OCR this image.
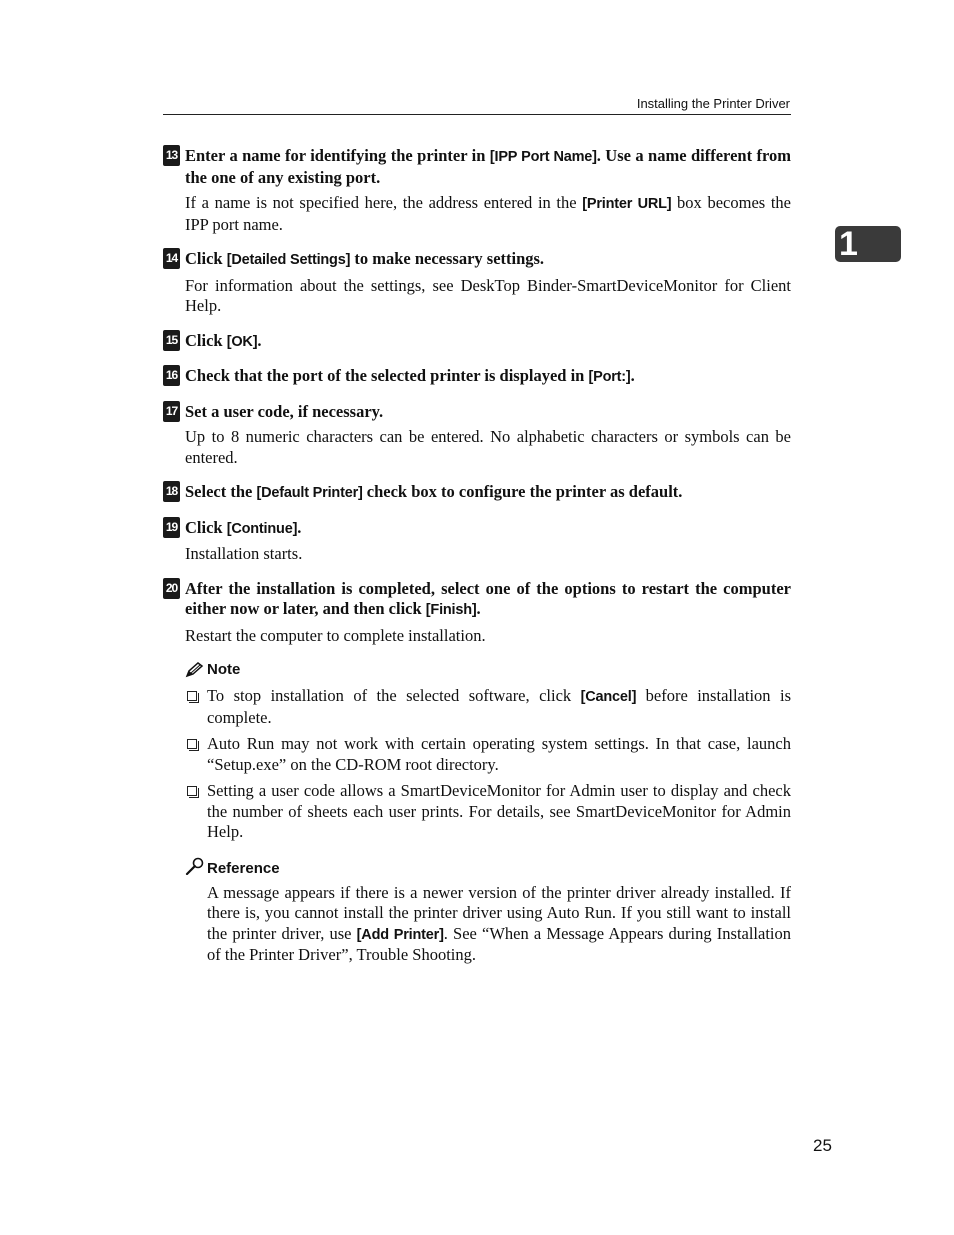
Installing the Printer Driver
1
13 Enter a name for identifying the printer in [IPP Port Name]. Use a name different from the one of any existing port.
If a name is not specified here, the address entered in the [Printer URL] box becomes the IPP port name.
14 Click [Detailed Settings] to make necessary settings.
For information about the settings, see DeskTop Binder-SmartDeviceMonitor for Client Help.
15 Click [OK].
16 Check that the port of the selected printer is displayed in [Port:].
17 Set a user code, if necessary.
Up to 8 numeric characters can be entered. No alphabetic characters or symbols can be entered.
18 Select the [Default Printer] check box to configure the printer as default.
19 Click [Continue].
Installation starts.
20 After the installation is completed, select one of the options to restart the computer either now or later, and then click [Finish].
Restart the computer to complete installation.
Note
To stop installation of the selected software, click [Cancel] before installation is complete.
Auto Run may not work with certain operating system settings. In that case, launch “Setup.exe” on the CD-ROM root directory.
Setting a user code allows a SmartDeviceMonitor for Admin user to display and check the number of sheets each user prints. For details, see SmartDeviceMonitor for Admin Help.
Reference
A message appears if there is a newer version of the printer driver already installed. If there is, you cannot install the printer driver using Auto Run. If you still want to install the printer driver, use [Add Printer]. See “When a Message Appears during Installation of the Printer Driver”, Trouble Shooting.
25
